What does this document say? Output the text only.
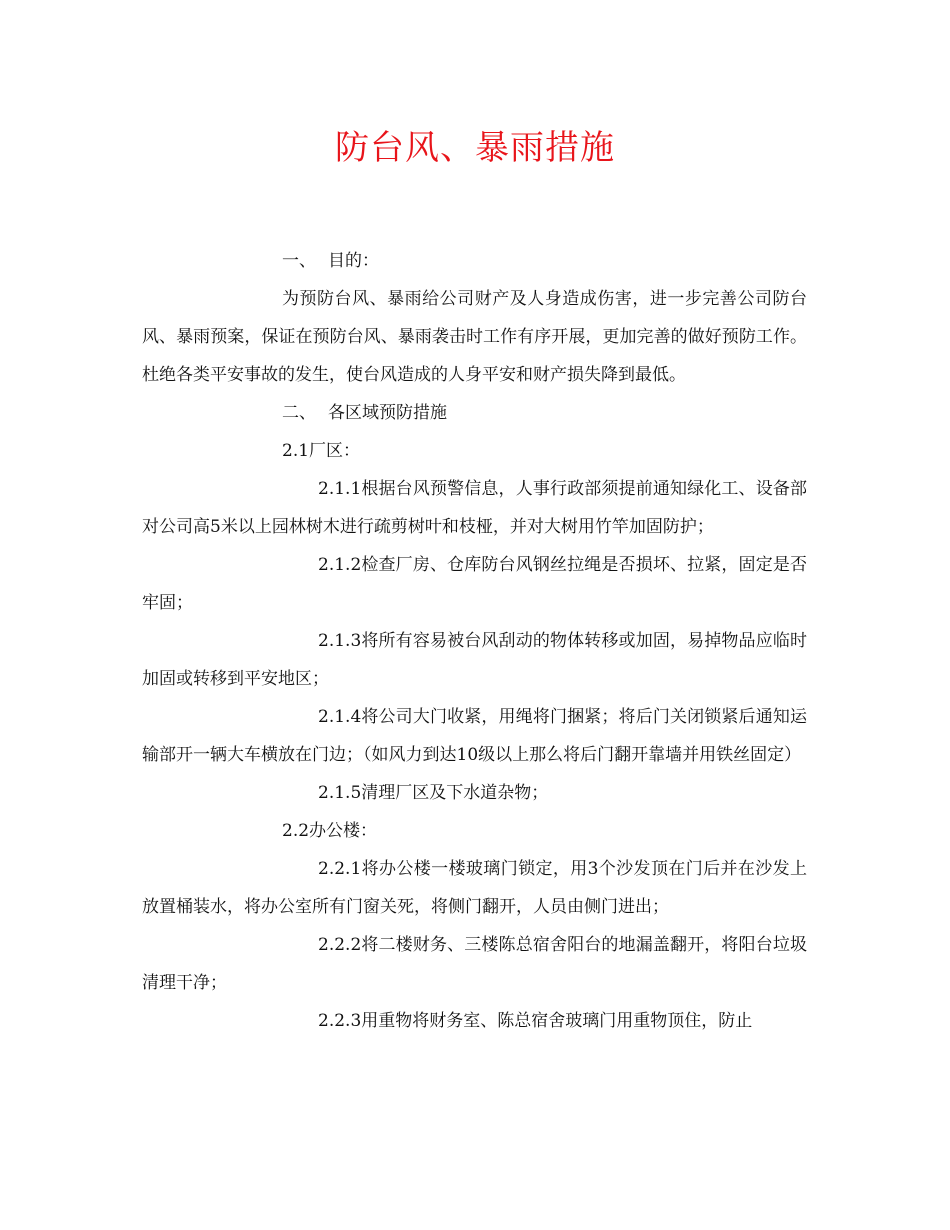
防台风、暴雨措施

一、 目的：

为预防台风、暴雨给公司财产及人身造成伤害，进一步完善公司防台风、暴雨预案，保证在预防台风、暴雨袭击时工作有序开展，更加完善的做好预防工作。杜绝各类平安事故的发生，使台风造成的人身平安和财产损失降到最低。

二、 各区域预防措施

2.1厂区：

2.1.1根据台风预警信息，人事行政部须提前通知绿化工、设备部对公司高5米以上园林树木进行疏剪树叶和枝桠，并对大树用竹竿加固防护；

2.1.2检查厂房、仓库防台风钢丝拉绳是否损坏、拉紧，固定是否牢固；

2.1.3将所有容易被台风刮动的物体转移或加固，易掉物品应临时加固或转移到平安地区；

2.1.4将公司大门收紧，用绳将门捆紧；将后门关闭锁紧后通知运输部开一辆大车横放在门边；（如风力到达10级以上那么将后门翻开靠墙并用铁丝固定）

2.1.5清理厂区及下水道杂物；

2.2办公楼：

2.2.1将办公楼一楼玻璃门锁定，用3个沙发顶在门后并在沙发上放置桶装水，将办公室所有门窗关死，将侧门翻开，人员由侧门进出；

2.2.2将二楼财务、三楼陈总宿舍阳台的地漏盖翻开，将阳台垃圾清理干净；

2.2.3用重物将财务室、陈总宿舍玻璃门用重物顶住，防止
